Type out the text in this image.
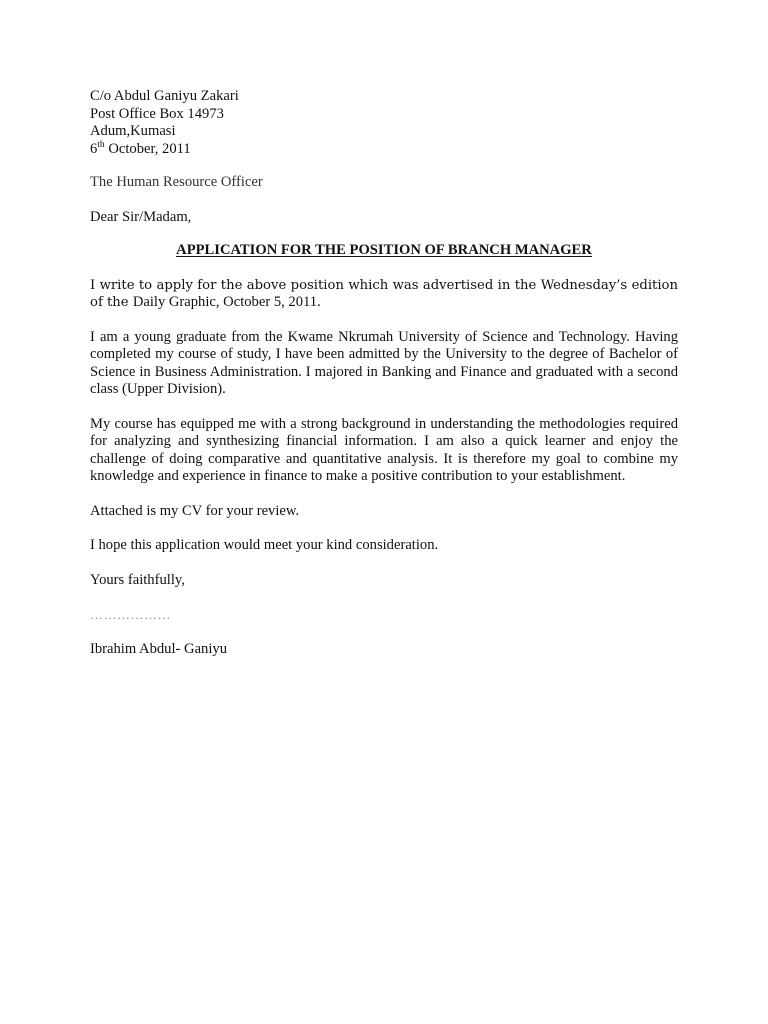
C/o Abdul Ganiyu Zakari
Post Office Box 14973
Adum,Kumasi
6th October, 2011
The Human Resource Officer
Dear Sir/Madam,
APPLICATION FOR THE POSITION OF BRANCH MANAGER
I write to apply for the above position which was advertised in the Wednesday’s edition of the Daily Graphic, October 5, 2011.
I am a young graduate from the Kwame Nkrumah University of Science and Technology. Having completed my course of study, I have been admitted by the University to the degree of Bachelor of Science in Business Administration. I majored in Banking and Finance and graduated with a second class (Upper Division).
My course has equipped me with a strong background in understanding the methodologies required for analyzing and synthesizing financial information. I am also a quick learner and enjoy the challenge of doing comparative and quantitative analysis. It is therefore my goal to combine my knowledge and experience in finance to make a positive contribution to your establishment.
Attached is my CV for your review.
I hope this application would meet your kind consideration.
Yours faithfully,
………………
Ibrahim Abdul- Ganiyu
